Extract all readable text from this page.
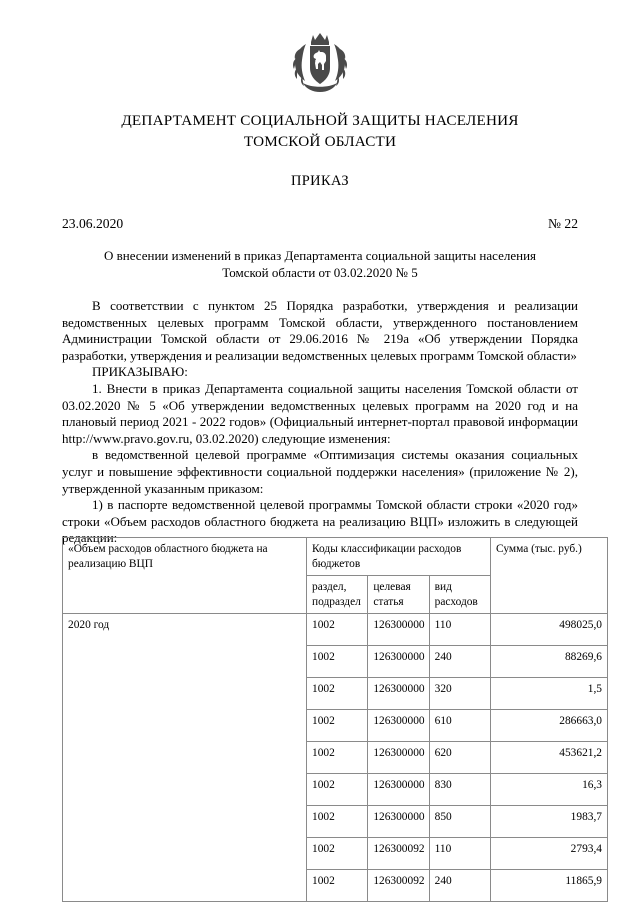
ДЕПАРТАМЕНТ СОЦИАЛЬНОЙ ЗАЩИТЫ НАСЕЛЕНИЯ
ТОМСКОЙ ОБЛАСТИ
ПРИКАЗ
23.06.2020	№ 22
О внесении изменений в приказ Департамента социальной защиты населения
Томской области от 03.02.2020 № 5

В соответствии с пунктом 25 Порядка разработки, утверждения и реализации ведомственных целевых программ Томской области, утвержденного постановлением Администрации Томской области от 29.06.2016 № 219а «Об утверждении Порядка разработки, утверждения и реализации ведомственных целевых программ Томской области»

ПРИКАЗЫВАЮ:

1. Внести в приказ Департамента социальной защиты населения Томской области от 03.02.2020 № 5 «Об утверждении ведомственных целевых программ на 2020 год и на плановый период 2021 - 2022 годов» (Официальный интернет-портал правовой информации http://www.pravo.gov.ru, 03.02.2020) следующие изменения:

в ведомственной целевой программе «Оптимизация системы оказания социальных услуг и повышение эффективности социальной поддержки населения» (приложение № 2), утвержденной указанным приказом:

1) в паспорте ведомственной целевой программы Томской области строки «2020 год» строки «Объем расходов областного бюджета на реализацию ВЦП» изложить в следующей редакции:

«Объем расходов областного бюджета на реализацию ВЦП	Коды классификации расходов бюджетов			Сумма (тыс. руб.)
	раздел, подраздел	целевая статья	вид расходов	
2020 год	1002	126300000	110	498025,0
	1002	126300000	240	88269,6
	1002	126300000	320	1,5
	1002	126300000	610	286663,0
	1002	126300000	620	453621,2
	1002	126300000	830	16,3
	1002	126300000	850	1983,7
	1002	126300092	110	2793,4
	1002	126300092	240	11865,9
